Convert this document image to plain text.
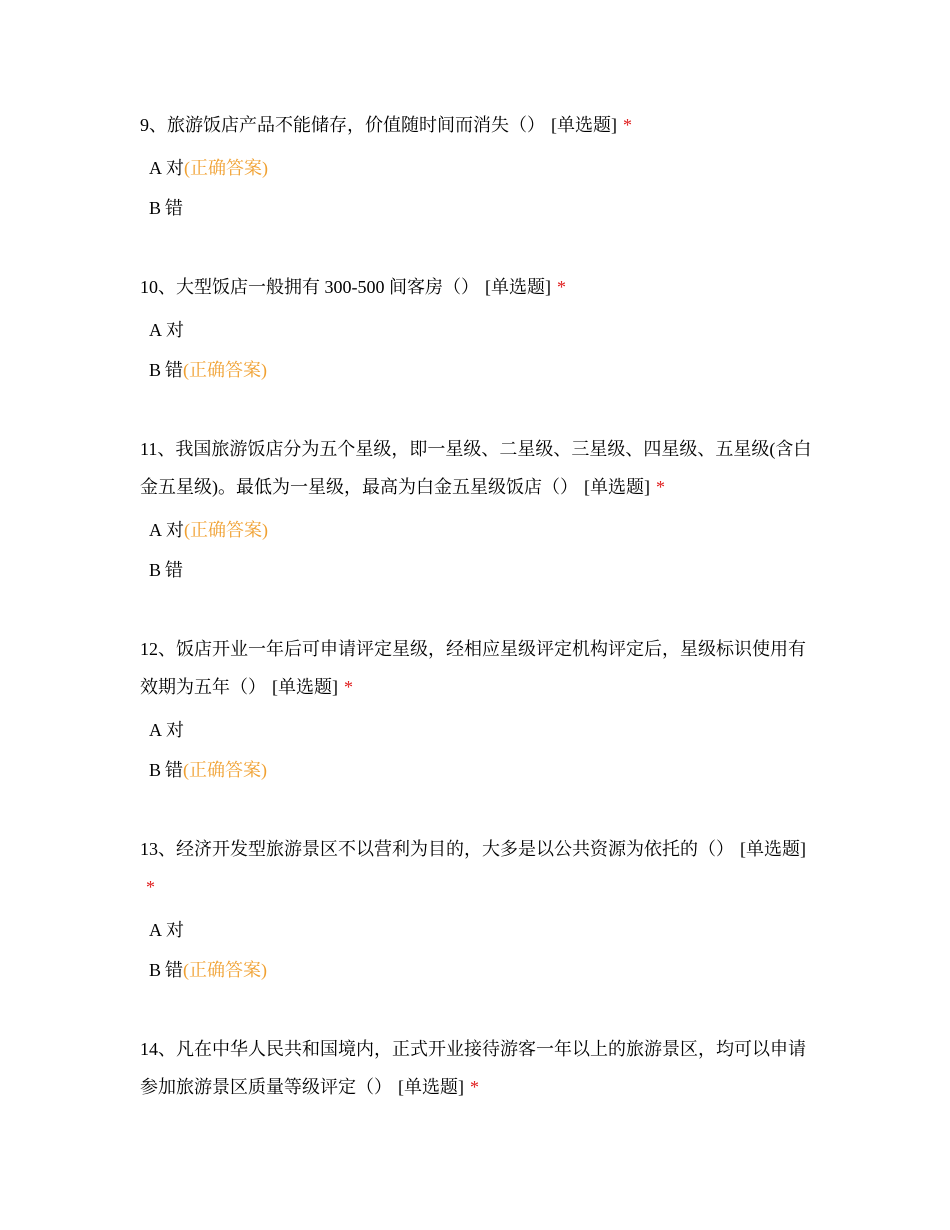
9、旅游饭店产品不能储存，价值随时间而消失（） [单选题] *

A 对(正确答案)
B 错

10、大型饭店一般拥有 300-500 间客房（） [单选题] *

A 对
B 错(正确答案)

11、我国旅游饭店分为五个星级，即一星级、二星级、三星级、四星级、五星级(含白金五星级)。最低为一星级，最高为白金五星级饭店（） [单选题] *

A 对(正确答案)
B 错

12、饭店开业一年后可申请评定星级，经相应星级评定机构评定后，星级标识使用有效期为五年（） [单选题] *

A 对
B 错(正确答案)

13、经济开发型旅游景区不以营利为目的，大多是以公共资源为依托的（） [单选题]*

A 对
B 错(正确答案)

14、凡在中华人民共和国境内，正式开业接待游客一年以上的旅游景区，均可以申请参加旅游景区质量等级评定（） [单选题] *
